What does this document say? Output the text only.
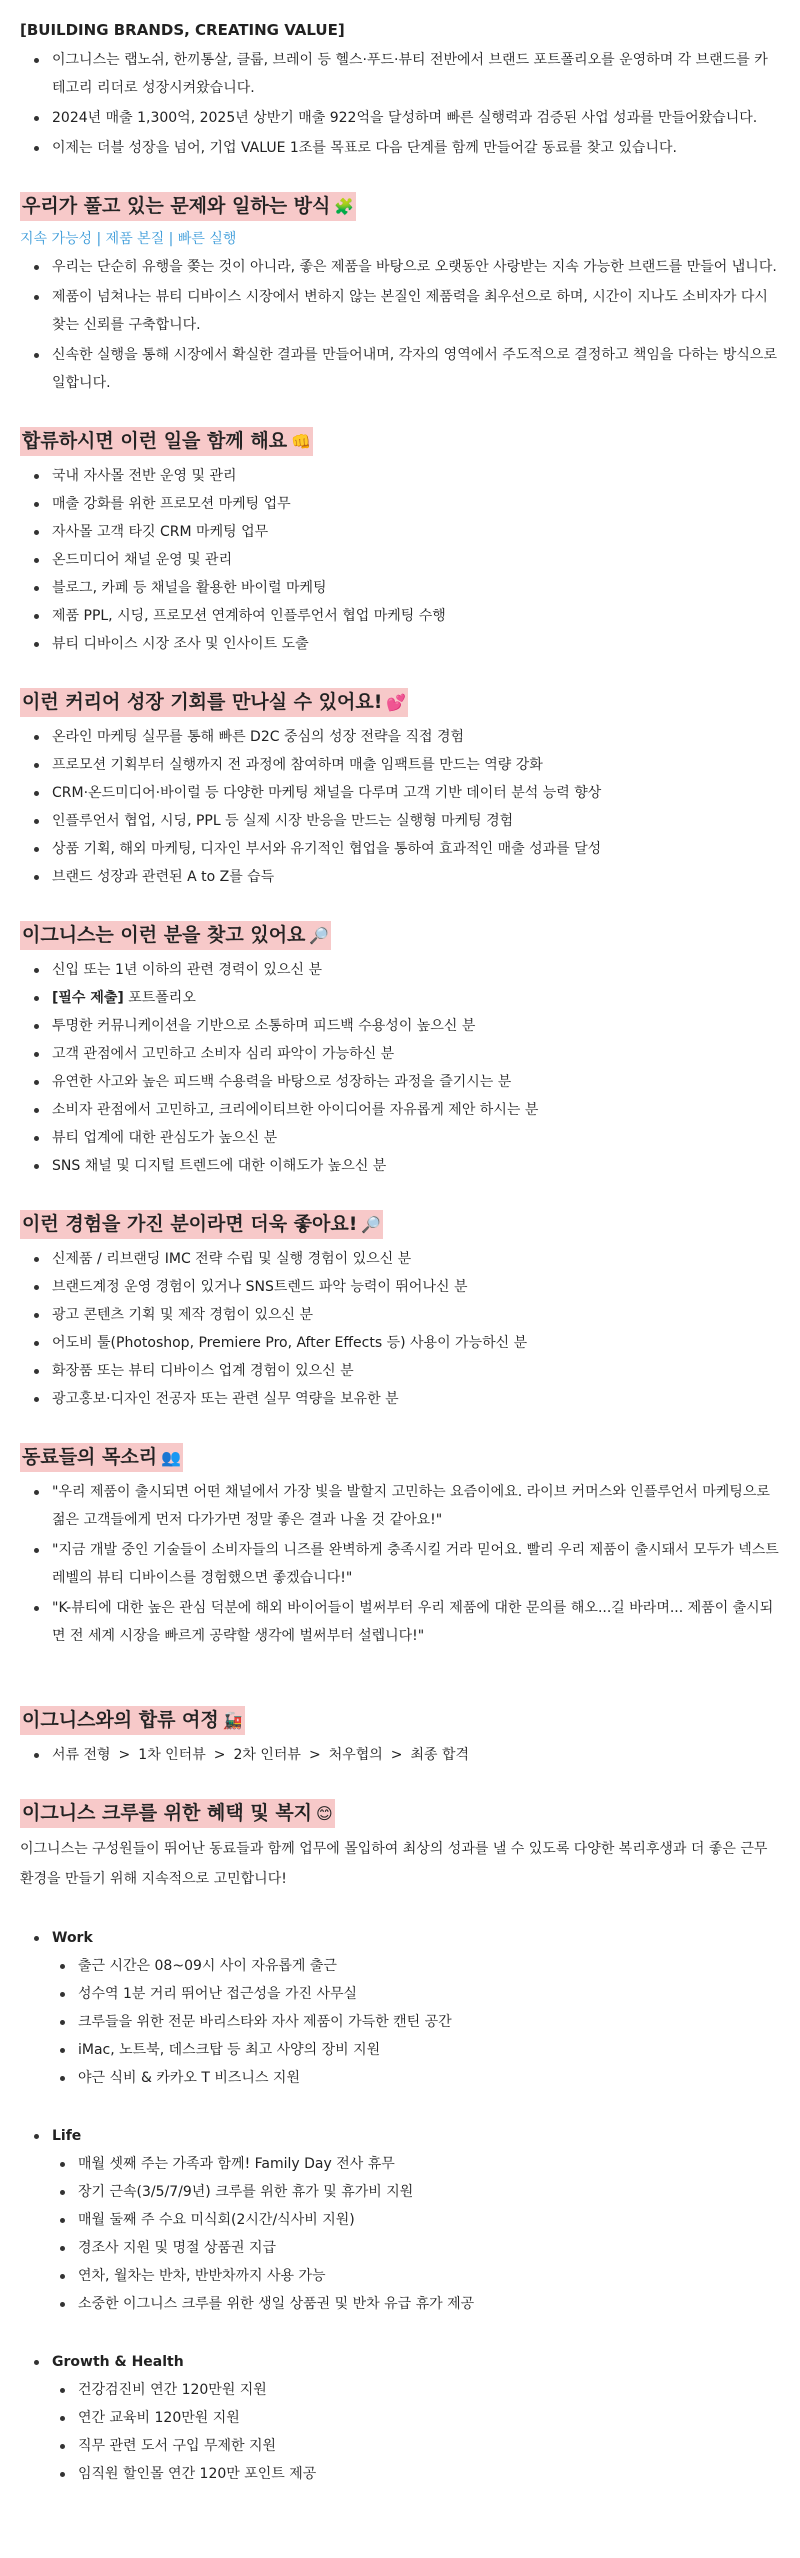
[BUILDING BRANDS, CREATING VALUE]
이그니스는 랩노쉬, 한끼통살, 클룹, 브레이 등 헬스·푸드·뷰티 전반에서 브랜드 포트폴리오를 운영하며 각 브랜드를 카테고리 리더로 성장시켜왔습니다.
2024년 매출 1,300억, 2025년 상반기 매출 922억을 달성하며 빠른 실행력과 검증된 사업 성과를 만들어왔습니다.
이제는 더블 성장을 넘어, 기업 VALUE 1조를 목표로 다음 단계를 함께 만들어갈 동료를 찾고 있습니다.
우리가 풀고 있는 문제와 일하는 방식 🧩
지속 가능성 | 제품 본질 | 빠른 실행
우리는 단순히 유행을 쫒는 것이 아니라, 좋은 제품을 바탕으로 오랫동안 사랑받는 지속 가능한 브랜드를 만들어 냅니다.
제품이 넘쳐나는 뷰티 디바이스 시장에서 변하지 않는 본질인 제품력을 최우선으로 하며, 시간이 지나도 소비자가 다시 찾는 신뢰를 구축합니다.
신속한 실행을 통해 시장에서 확실한 결과를 만들어내며, 각자의 영역에서 주도적으로 결정하고 책임을 다하는 방식으로 일합니다.
합류하시면 이런 일을 함께 해요 👊
국내 자사몰 전반 운영 및 관리
매출 강화를 위한 프로모션 마케팅 업무
자사몰 고객 타깃 CRM 마케팅 업무
온드미디어 채널 운영 및 관리
블로그, 카페 등 채널을 활용한 바이럴 마케팅
제품 PPL, 시딩, 프로모션 연계하여 인플루언서 협업 마케팅 수행
뷰티 디바이스 시장 조사 및 인사이트 도출
이런 커리어 성장 기회를 만나실 수 있어요! 💕
온라인 마케팅 실무를 통해 빠른 D2C 중심의 성장 전략을 직접 경험
프로모션 기획부터 실행까지 전 과정에 참여하며 매출 임팩트를 만드는 역량 강화
CRM·온드미디어·바이럴 등 다양한 마케팅 채널을 다루며 고객 기반 데이터 분석 능력 향상
인플루언서 협업, 시딩, PPL 등 실제 시장 반응을 만드는 실행형 마케팅 경험
상품 기획, 해외 마케팅, 디자인 부서와 유기적인 협업을 통하여 효과적인 매출 성과를 달성
브랜드 성장과 관련된 A to Z를 습득
이그니스는 이런 분을 찾고 있어요 🔎
신입 또는 1년 이하의 관련 경력이 있으신 분
[필수 제출] 포트폴리오
투명한 커뮤니케이션을 기반으로 소통하며 피드백 수용성이 높으신 분
고객 관점에서 고민하고 소비자 심리 파악이 가능하신 분
유연한 사고와 높은 피드백 수용력을 바탕으로 성장하는 과정을 즐기시는 분
소비자 관점에서 고민하고, 크리에이티브한 아이디어를 자유롭게 제안 하시는 분
뷰티 업계에 대한 관심도가 높으신 분
SNS 채널 및 디지털 트렌드에 대한 이해도가 높으신 분
이런 경험을 가진 분이라면 더욱 좋아요! 🔎
신제품 / 리브랜딩 IMC 전략 수립 및 실행 경험이 있으신 분
브랜드계정 운영 경험이 있거나 SNS트렌드 파악 능력이 뛰어나신 분
광고 콘텐츠 기획 및 제작 경험이 있으신 분
어도비 툴(Photoshop, Premiere Pro, After Effects 등) 사용이 가능하신 분
화장품 또는 뷰티 디바이스 업계 경험이 있으신 분
광고홍보·디자인 전공자 또는 관련 실무 역량을 보유한 분
동료들의 목소리 👥
"우리 제품이 출시되면 어떤 채널에서 가장 빛을 발할지 고민하는 요즘이에요. 라이브 커머스와 인플루언서 마케팅으로 젊은 고객들에게 먼저 다가가면 정말 좋은 결과 나올 것 같아요!"
"지금 개발 중인 기술들이 소비자들의 니즈를 완벽하게 충족시킬 거라 믿어요. 빨리 우리 제품이 출시돼서 모두가 넥스트 레벨의 뷰티 디바이스를 경험했으면 좋겠습니다!"
"K-뷰티에 대한 높은 관심 덕분에 해외 바이어들이 벌써부터 우리 제품에 대한 문의를 해오...길 바라며... 제품이 출시되면 전 세계 시장을 빠르게 공략할 생각에 벌써부터 설렙니다!"
이그니스와의 합류 여정 🚂
서류 전형 > 1차 인터뷰 > 2차 인터뷰 > 처우협의 > 최종 합격
이그니스 크루를 위한 혜택 및 복지 😊
이그니스는 구성원들이 뛰어난 동료들과 함께 업무에 몰입하여 최상의 성과를 낼 수 있도록 다양한 복리후생과 더 좋은 근무 환경을 만들기 위해 지속적으로 고민합니다!
Work
출근 시간은 08~09시 사이 자유롭게 출근
성수역 1분 거리 뛰어난 접근성을 가진 사무실
크루들을 위한 전문 바리스타와 자사 제품이 가득한 캔틴 공간
iMac, 노트북, 데스크탑 등 최고 사양의 장비 지원
야근 식비 & 카카오 T 비즈니스 지원
Life
매월 셋째 주는 가족과 함께! Family Day 전사 휴무
장기 근속(3/5/7/9년) 크루를 위한 휴가 및 휴가비 지원
매월 둘째 주 수요 미식회(2시간/식사비 지원)
경조사 지원 및 명절 상품권 지급
연차, 월차는 반차, 반반차까지 사용 가능
소중한 이그니스 크루를 위한 생일 상품권 및 반차 유급 휴가 제공
Growth & Health
건강검진비 연간 120만원 지원
연간 교육비 120만원 지원
직무 관련 도서 구입 무제한 지원
임직원 할인몰 연간 120만 포인트 제공
